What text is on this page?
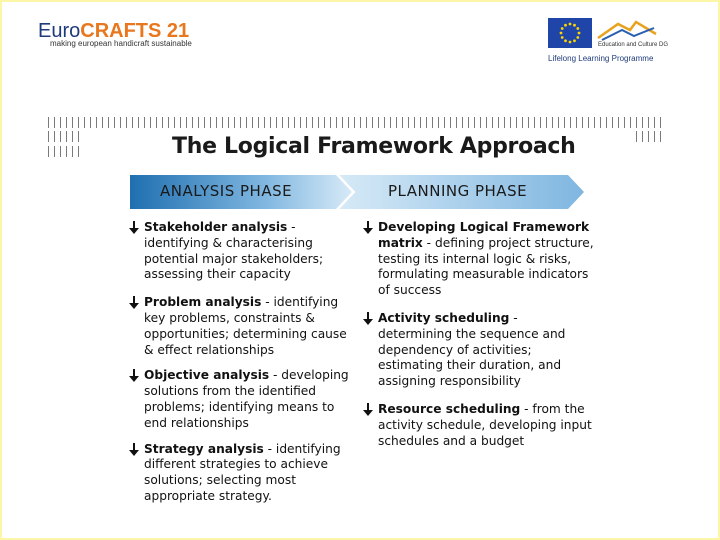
EuroCRAFTS 21
making european handicraft sustainable	Education and Culture DG
Lifelong Learning Programme
The Logical Framework Approach
ANALYSIS PHASE	PLANNING PHASE
Stakeholder analysis - identifying & characterising potential major stakeholders; assessing their capacity
Problem analysis - identifying key problems, constraints & opportunities; determining cause & effect relationships
Objective analysis - developing solutions from the identified problems; identifying means to end relationships
Strategy analysis - identifying different strategies to achieve solutions; selecting most appropriate strategy.
Developing Logical Framework matrix - defining project structure, testing its internal logic & risks, formulating measurable indicators of success
Activity scheduling - determining the sequence and dependency of activities; estimating their duration, and assigning responsibility
Resource scheduling - from the activity schedule, developing input schedules and a budget
